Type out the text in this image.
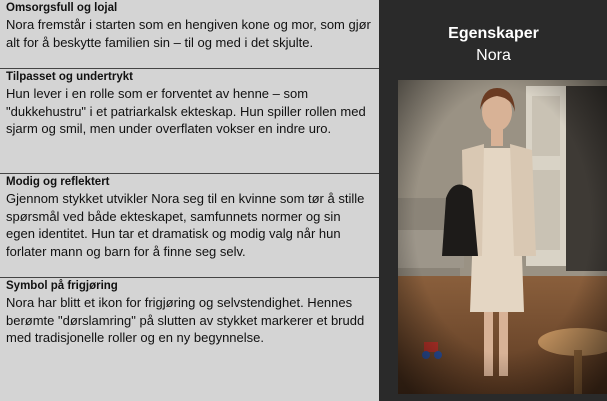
Omsorgsfull og lojal
Nora fremstår i starten som en hengiven kone og mor, som gjør alt for å beskytte familien sin – til og med i det skjulte.
Tilpasset og undertrykt
Hun lever i en rolle som er forventet av henne – som "dukkehustru" i et patriarkalsk ekteskap. Hun spiller rollen med sjarm og smil, men under overflaten vokser en indre uro.
Modig og reflektert
Gjennom stykket utvikler Nora seg til en kvinne som tør å stille spørsmål ved både ekteskapet, samfunnets normer og sin egen identitet. Hun tar et dramatisk og modig valg når hun forlater mann og barn for å finne seg selv.
Symbol på frigjøring
Nora har blitt et ikon for frigjøring og selvstendighet. Hennes berømte "dørslamring" på slutten av stykket markerer et brudd med tradisjonelle roller og en ny begynnelse.
Egenskaper
Nora
